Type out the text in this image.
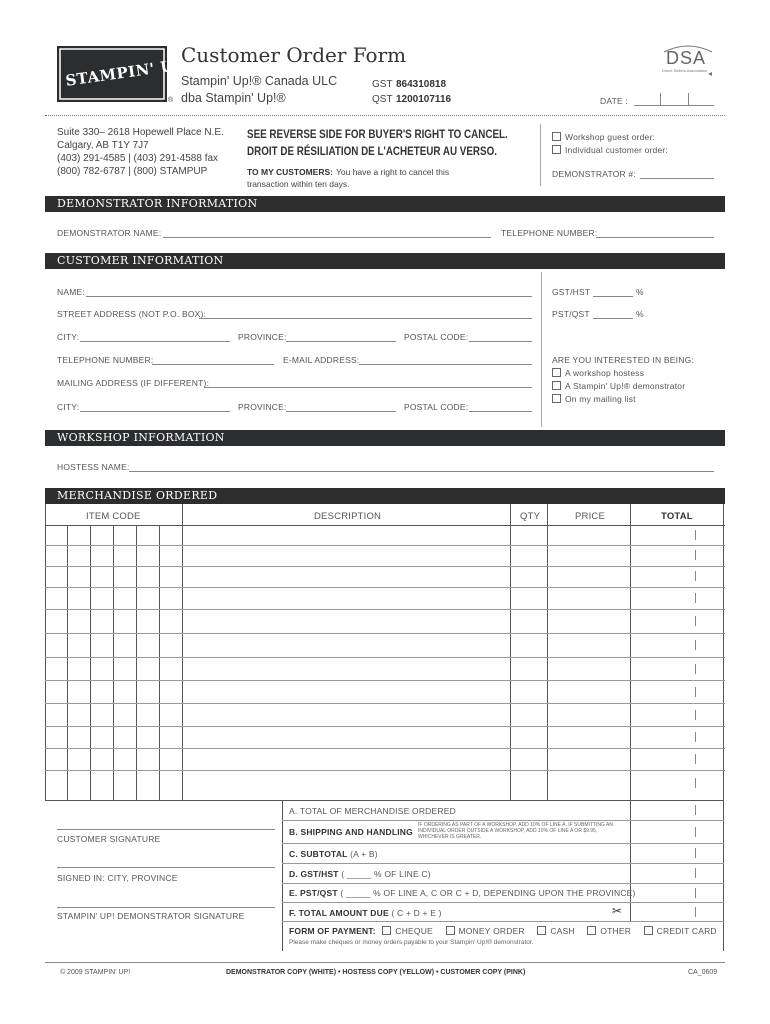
STAMPIN' UP!
®
Customer Order Form
Stampin' Up!® Canada ULC
dba Stampin' Up!®
GST 864310818
QST 1200107116
DSA
Direct Sellers Association
DATE :
Suite 330– 2618 Hopewell Place N.E.
Calgary, AB T1Y 7J7
(403) 291-4585 | (403) 291-4588 fax
(800) 782-6787 | (800) STAMPUP
SEE REVERSE SIDE FOR BUYER'S RIGHT TO CANCEL.
DROIT DE RÉSILIATION DE L'ACHETEUR AU VERSO.
TO MY CUSTOMERS: You have a right to cancel this
transaction within ten days.
Workshop guest order:
Individual customer order:
DEMONSTRATOR #:
DEMONSTRATOR INFORMATION
DEMONSTRATOR NAME:	TELEPHONE NUMBER:
CUSTOMER INFORMATION
NAME:
STREET ADDRESS (NOT P.O. BOX):
CITY:	PROVINCE:	POSTAL CODE:
TELEPHONE NUMBER:	E-MAIL ADDRESS:
MAILING ADDRESS (IF DIFFERENT):
CITY:	PROVINCE:	POSTAL CODE:
GST/HST	%
PST/QST	%
ARE YOU INTERESTED IN BEING:
A workshop hostess
A Stampin' Up!® demonstrator
On my mailing list
WORKSHOP INFORMATION
HOSTESS NAME:
MERCHANDISE ORDERED
ITEM CODE	DESCRIPTION	QTY	PRICE	TOTAL
A. TOTAL OF MERCHANDISE ORDERED
B. SHIPPING AND HANDLING
IF ORDERING AS PART OF A WORKSHOP, ADD 10% OF LINE A. IF SUBMITTING AN INDIVIDUAL ORDER OUTSIDE A WORKSHOP, ADD 10% OF LINE A OR $9.95, WHICHEVER IS GREATER.
C. SUBTOTAL (A + B)
D. GST/HST ( _____ % OF LINE C)
E. PST/QST ( _____ % OF LINE A, C OR C + D, DEPENDING UPON THE PROVINCE)
F. TOTAL AMOUNT DUE ( C + D + E )	✂
FORM OF PAYMENT: CHEQUE	MONEY ORDER	CASH	OTHER	CREDIT CARD
Please make cheques or money orders payable to your Stampin' Up!® demonstrator.
CUSTOMER SIGNATURE
SIGNED IN: CITY, PROVINCE
STAMPIN' UP! DEMONSTRATOR SIGNATURE
© 2009 STAMPIN' UP!	DEMONSTRATOR COPY (WHITE) • HOSTESS COPY (YELLOW) • CUSTOMER COPY (PINK)	CA_0609
